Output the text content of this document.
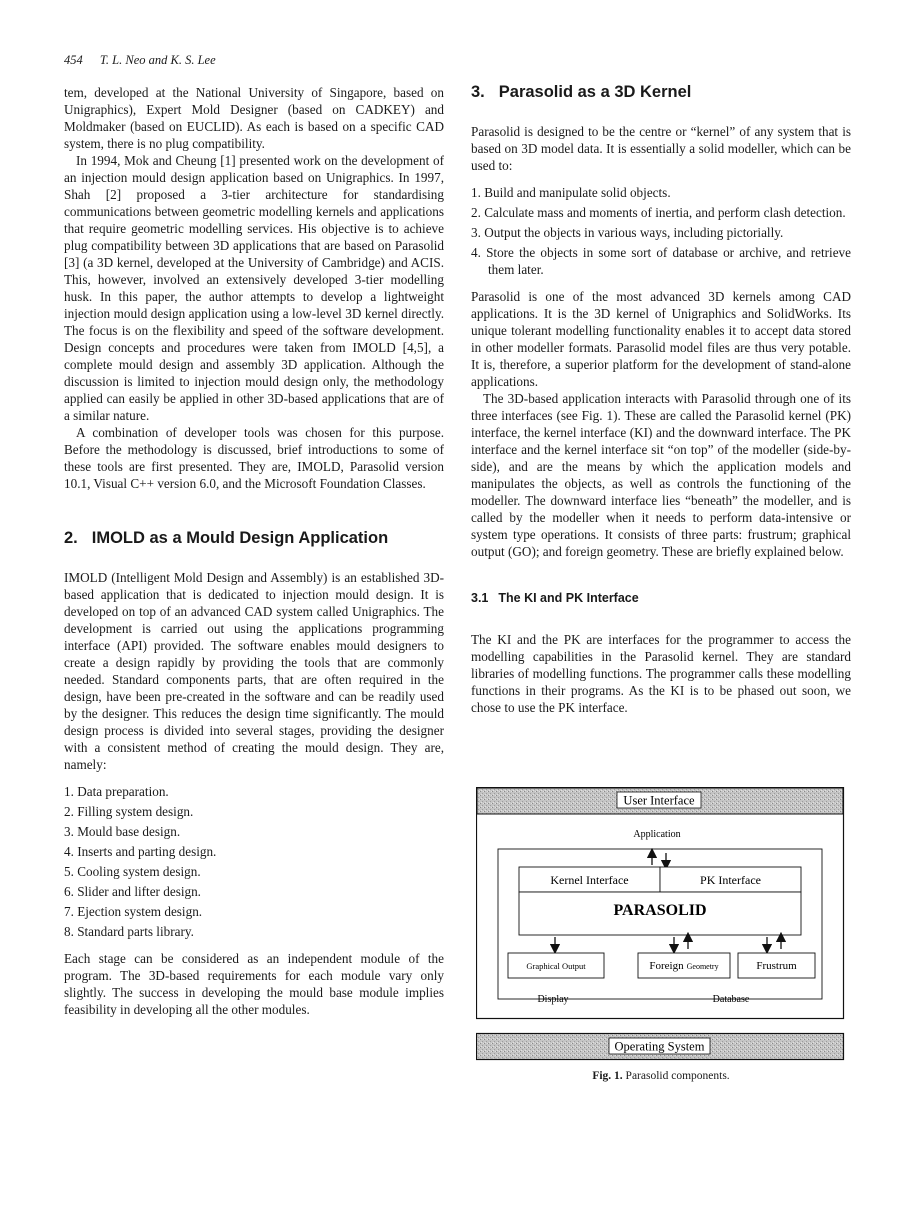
454 T. L. Neo and K. S. Lee

tem, developed at the National University of Singapore, based on Unigraphics), Expert Mold Designer (based on CADKEY) and Moldmaker (based on EUCLID). As each is based on a specific CAD system, there is no plug compatibility.

In 1994, Mok and Cheung [1] presented work on the development of an injection mould design application based on Unigraphics. In 1997, Shah [2] proposed a 3-tier architecture for standardising communications between geometric modelling kernels and applications that require geometric modelling services. His objective is to achieve plug compatibility between 3D applications that are based on Parasolid [3] (a 3D kernel, developed at the University of Cambridge) and ACIS. This, however, involved an extensively developed 3-tier modelling husk. In this paper, the author attempts to develop a lightweight injection mould design application using a low-level 3D kernel directly. The focus is on the flexibility and speed of the software development. Design concepts and procedures were taken from IMOLD [4,5], a complete mould design and assembly 3D application. Although the discussion is limited to injection mould design only, the methodology applied can easily be applied in other 3D-based applications that are of a similar nature.

A combination of developer tools was chosen for this purpose. Before the methodology is discussed, brief introductions to some of these tools are first presented. They are, IMOLD, Parasolid version 10.1, Visual C++ version 6.0, and the Microsoft Foundation Classes.

2. IMOLD as a Mould Design Application

IMOLD (Intelligent Mold Design and Assembly) is an established 3D-based application that is dedicated to injection mould design. It is developed on top of an advanced CAD system called Unigraphics. The development is carried out using the applications programming interface (API) provided. The software enables mould designers to create a design rapidly by providing the tools that are commonly needed. Standard components parts, that are often required in the design, have been pre-created in the software and can be readily used by the designer. This reduces the design time significantly. The mould design process is divided into several stages, providing the designer with a consistent method of creating the mould design. They are, namely:

1. Data preparation.
2. Filling system design.
3. Mould base design.
4. Inserts and parting design.
5. Cooling system design.
6. Slider and lifter design.
7. Ejection system design.
8. Standard parts library.

Each stage can be considered as an independent module of the program. The 3D-based requirements for each module vary only slightly. The success in developing the mould base module implies feasibility in developing all the other modules.

3. Parasolid as a 3D Kernel

Parasolid is designed to be the centre or “kernel” of any system that is based on 3D model data. It is essentially a solid modeller, which can be used to:

1. Build and manipulate solid objects.
2. Calculate mass and moments of inertia, and perform clash detection.
3. Output the objects in various ways, including pictorially.
4. Store the objects in some sort of database or archive, and retrieve them later.

Parasolid is one of the most advanced 3D kernels among CAD applications. It is the 3D kernel of Unigraphics and SolidWorks. Its unique tolerant modelling functionality enables it to accept data stored in other modeller formats. Parasolid model files are thus very potable. It is, therefore, a superior platform for the development of stand-alone applications.

The 3D-based application interacts with Parasolid through one of its three interfaces (see Fig. 1). These are called the Parasolid kernel (PK) interface, the kernel interface (KI) and the downward interface. The PK interface and the kernel interface sit “on top” of the modeller (side-by-side), and are the means by which the application models and manipulates the objects, as well as controls the functioning of the modeller. The downward interface lies “beneath” the modeller, and is called by the modeller when it needs to perform data-intensive or system type operations. It consists of three parts: frustrum; graphical output (GO); and foreign geometry. These are briefly explained below.

3.1 The KI and PK Interface

The KI and the PK are interfaces for the programmer to access the modelling capabilities in the Parasolid kernel. They are standard libraries of modelling functions. The programmer calls these modelling functions in their programs. As the KI is to be phased out soon, we chose to use the PK interface.

User Interface
Application
Kernel Interface	PK Interface
PARASOLID
Graphical Output	Foreign Geometry	Frustrum
Display	Database
Operating System
Fig. 1. Parasolid components.
